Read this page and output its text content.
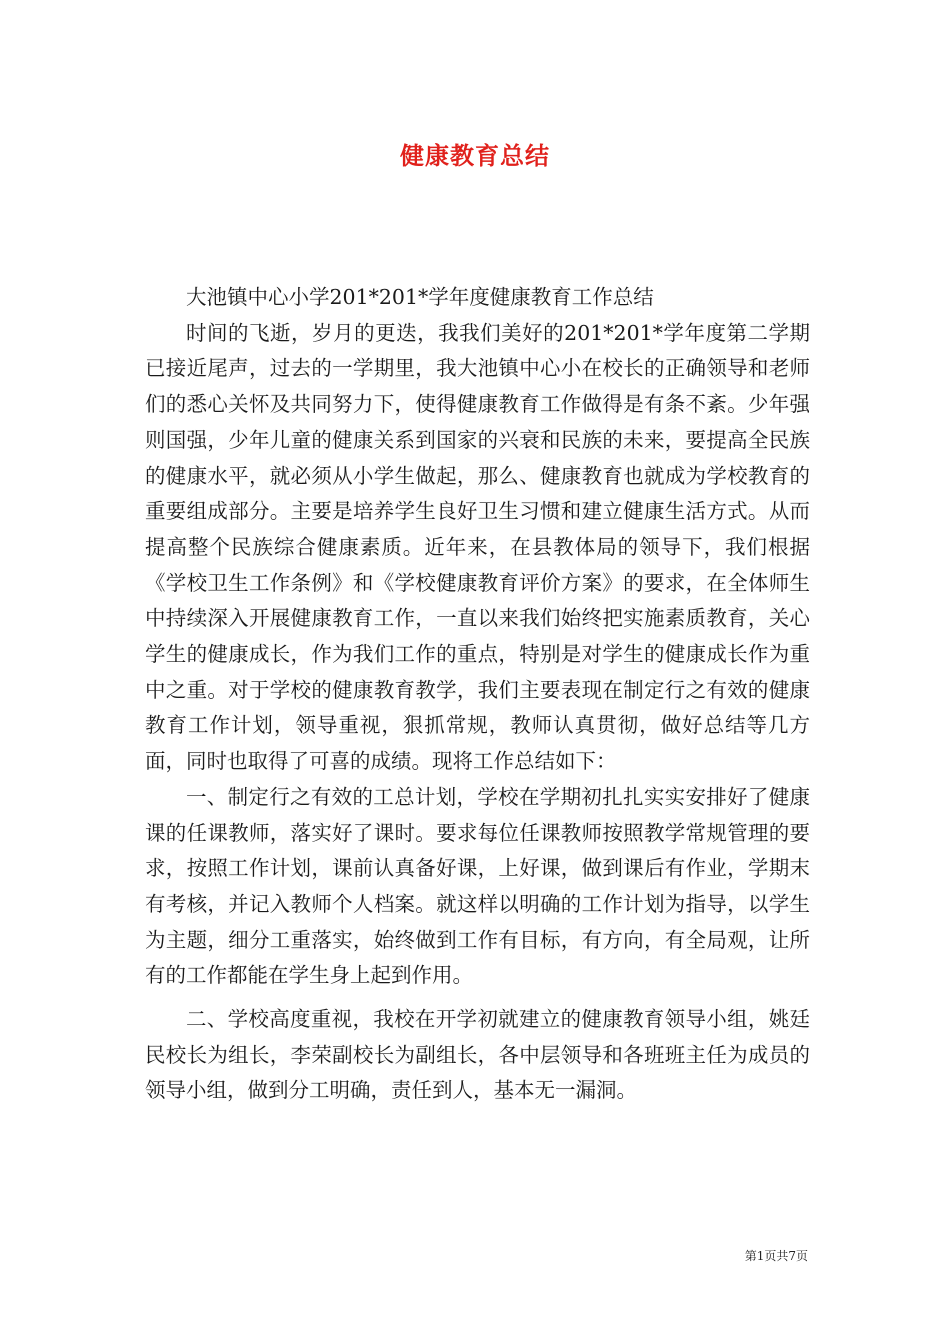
健康教育总结

大池镇中心小学201*201*学年度健康教育工作总结

时间的飞逝，岁月的更迭，我我们美好的201*201*学年度第二学期已接近尾声，过去的一学期里，我大池镇中心小在校长的正确领导和老师们的悉心关怀及共同努力下，使得健康教育工作做得是有条不紊。少年强则国强，少年儿童的健康关系到国家的兴衰和民族的未来，要提高全民族的健康水平，就必须从小学生做起，那么、健康教育也就成为学校教育的重要组成部分。主要是培养学生良好卫生习惯和建立健康生活方式。从而提高整个民族综合健康素质。近年来，在县教体局的领导下，我们根据《学校卫生工作条例》和《学校健康教育评价方案》的要求，在全体师生中持续深入开展健康教育工作，一直以来我们始终把实施素质教育，关心学生的健康成长，作为我们工作的重点，特别是对学生的健康成长作为重中之重。对于学校的健康教育教学，我们主要表现在制定行之有效的健康教育工作计划，领导重视，狠抓常规，教师认真贯彻，做好总结等几方面，同时也取得了可喜的成绩。现将工作总结如下：

一、制定行之有效的工总计划，学校在学期初扎扎实实安排好了健康课的任课教师，落实好了课时。要求每位任课教师按照教学常规管理的要求，按照工作计划，课前认真备好课，上好课，做到课后有作业，学期末有考核，并记入教师个人档案。就这样以明确的工作计划为指导，以学生为主题，细分工重落实，始终做到工作有目标，有方向，有全局观，让所有的工作都能在学生身上起到作用。

二、学校高度重视，我校在开学初就建立的健康教育领导小组，姚廷民校长为组长，李荣副校长为副组长，各中层领导和各班班主任为成员的领导小组，做到分工明确，责任到人，基本无一漏洞。

第1页共7页
